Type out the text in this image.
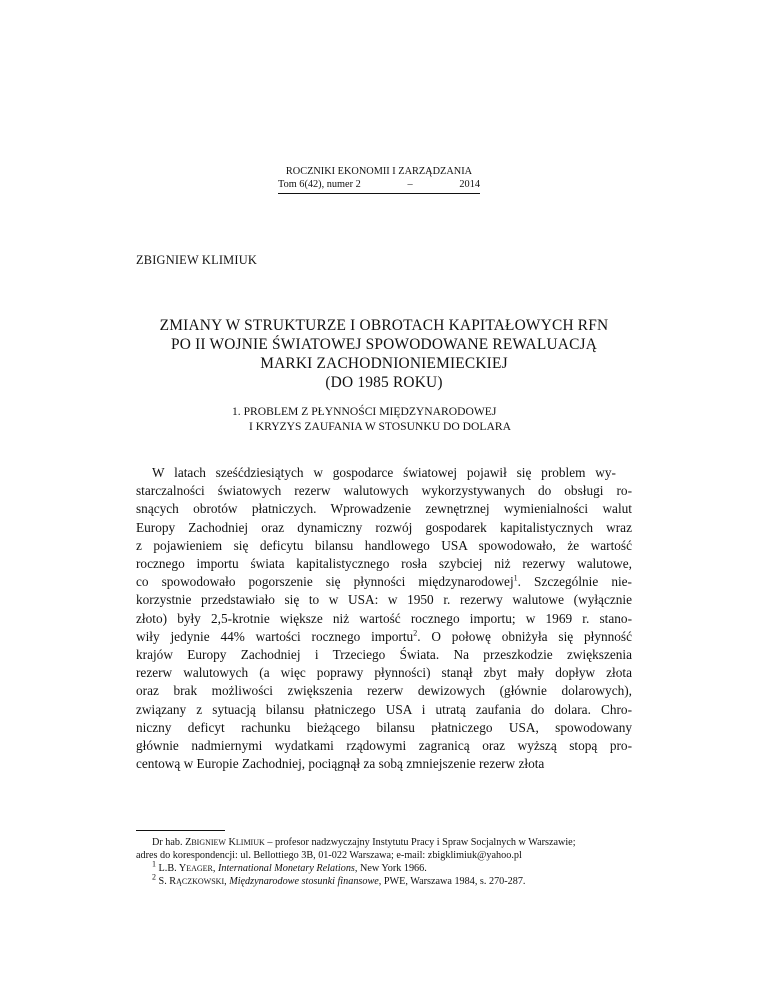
ROCZNIKI EKONOMII I ZARZĄDZANIA
Tom 6(42), numer 2	–	2014
ZBIGNIEW KLIMIUK
ZMIANY W STRUKTURZE I OBROTACH KAPITAŁOWYCH RFN
PO II WOJNIE ŚWIATOWEJ SPOWODOWANE REWALUACJĄ
MARKI ZACHODNIONIEMIECKIEJ
(DO 1985 ROKU)
1. PROBLEM Z PŁYNNOŚCI MIĘDZYNARODOWEJ
I KRYZYS ZAUFANIA W STOSUNKU DO DOLARA
W latach sześćdziesiątych w gospodarce światowej pojawił się problem wy-
starczalności światowych rezerw walutowych wykorzystywanych do obsługi ro-
snących obrotów płatniczych. Wprowadzenie zewnętrznej wymienialności walut
Europy Zachodniej oraz dynamiczny rozwój gospodarek kapitalistycznych wraz
z pojawieniem się deficytu bilansu handlowego USA spowodowało, że wartość
rocznego importu świata kapitalistycznego rosła szybciej niż rezerwy walutowe,
co spowodowało pogorszenie się płynności międzynarodowej$^1$. Szczególnie nie-
korzystnie przedstawiało się to w USA: w 1950 r. rezerwy walutowe (wyłącznie
złoto) były 2,5-krotnie większe niż wartość rocznego importu; w 1969 r. stano-
wiły jedynie 44% wartości rocznego importu$^2$. O połowę obniżyła się płynność
krajów Europy Zachodniej i Trzeciego Świata. Na przeszkodzie zwiększenia
rezerw walutowych (a więc poprawy płynności) stanął zbyt mały dopływ złota
oraz brak możliwości zwiększenia rezerw dewizowych (głównie dolarowych),
związany z sytuacją bilansu płatniczego USA i utratą zaufania do dolara. Chro-
niczny deficyt rachunku bieżącego bilansu płatniczego USA, spowodowany
głównie nadmiernymi wydatkami rządowymi zagranicą oraz wyższą stopą pro-
centową w Europie Zachodniej, pociągnął za sobą zmniejszenie rezerw złota
Dr hab. ZBIGNIEW KLIMIUK – profesor nadzwyczajny Instytutu Pracy i Spraw Socjalnych w Warszawie;
adres do korespondencji: ul. Bellottiego 3B, 01-022 Warszawa; e-mail: zbigklimiuk@yahoo.pl
$^1$ L.B. YEAGER, International Monetary Relations, New York 1966.
$^2$ S. RĄCZKOWSKI, Międzynarodowe stosunki finansowe, PWE, Warszawa 1984, s. 270-287.
